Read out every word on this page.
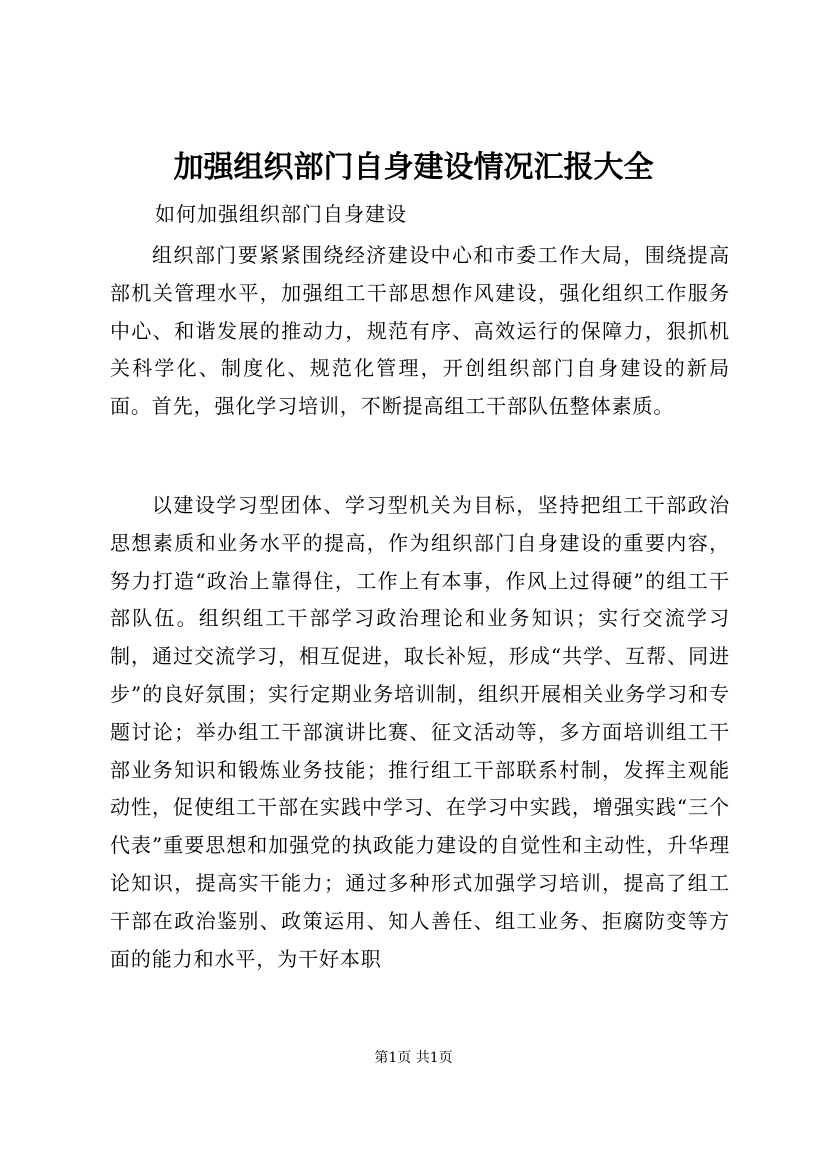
加强组织部门自身建设情况汇报大全

如何加强组织部门自身建设

组织部门要紧紧围绕经济建设中心和市委工作大局，围绕提高部机关管理水平，加强组工干部思想作风建设，强化组织工作服务中心、和谐发展的推动力，规范有序、高效运行的保障力，狠抓机关科学化、制度化、规范化管理，开创组织部门自身建设的新局面。首先，强化学习培训，不断提高组工干部队伍整体素质。

以建设学习型团体、学习型机关为目标，坚持把组工干部政治思想素质和业务水平的提高，作为组织部门自身建设的重要内容，努力打造“政治上靠得住，工作上有本事，作风上过得硬”的组工干部队伍。组织组工干部学习政治理论和业务知识；实行交流学习制，通过交流学习，相互促进，取长补短，形成“共学、互帮、同进步”的良好氛围；实行定期业务培训制，组织开展相关业务学习和专题讨论；举办组工干部演讲比赛、征文活动等，多方面培训组工干部业务知识和锻炼业务技能；推行组工干部联系村制，发挥主观能动性，促使组工干部在实践中学习、在学习中实践，增强实践“三个代表”重要思想和加强党的执政能力建设的自觉性和主动性，升华理论知识，提高实干能力；通过多种形式加强学习培训，提高了组工干部在政治鉴别、政策运用、知人善任、组工业务、拒腐防变等方面的能力和水平，为干好本职

第1页 共1页
